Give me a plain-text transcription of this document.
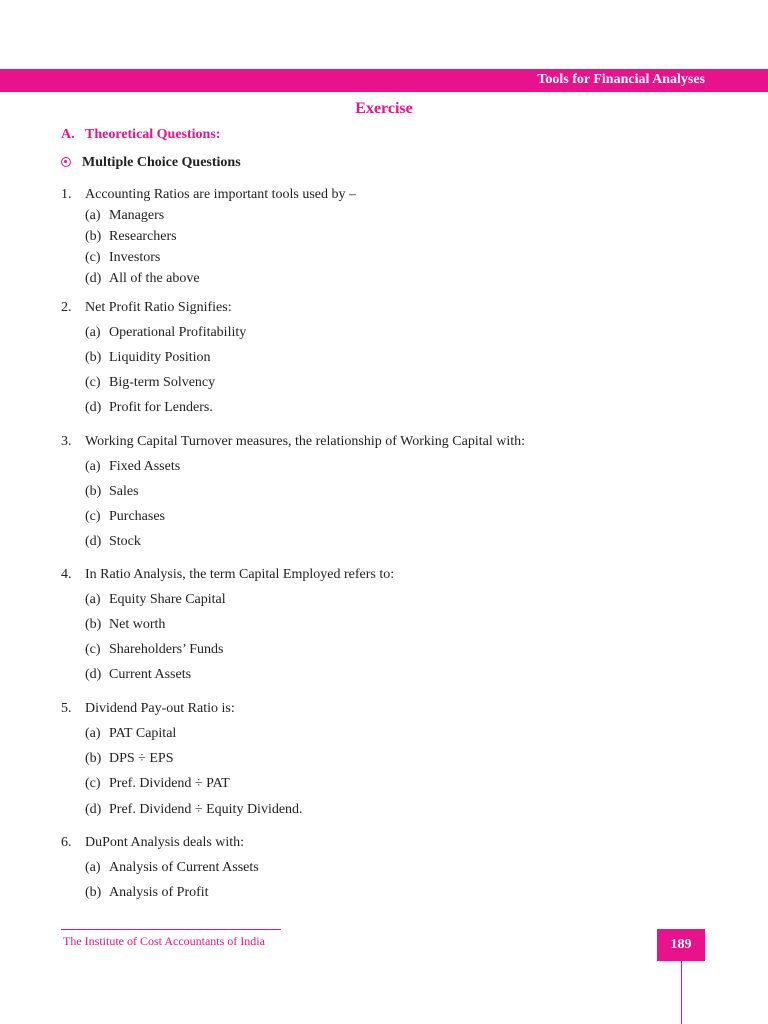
Tools for Financial Analyses
Exercise
A. Theoretical Questions:
Multiple Choice Questions
1. Accounting Ratios are important tools used by –
(a) Managers
(b) Researchers
(c) Investors
(d) All of the above
2. Net Profit Ratio Signifies:
(a) Operational Profitability
(b) Liquidity Position
(c) Big-term Solvency
(d) Profit for Lenders.
3. Working Capital Turnover measures, the relationship of Working Capital with:
(a) Fixed Assets
(b) Sales
(c) Purchases
(d) Stock
4. In Ratio Analysis, the term Capital Employed refers to:
(a) Equity Share Capital
(b) Net worth
(c) Shareholders’ Funds
(d) Current Assets
5. Dividend Pay-out Ratio is:
(a) PAT Capital
(b) DPS ÷ EPS
(c) Pref. Dividend ÷ PAT
(d) Pref. Dividend ÷ Equity Dividend.
6. DuPont Analysis deals with:
(a) Analysis of Current Assets
(b) Analysis of Profit
The Institute of Cost Accountants of India	189
